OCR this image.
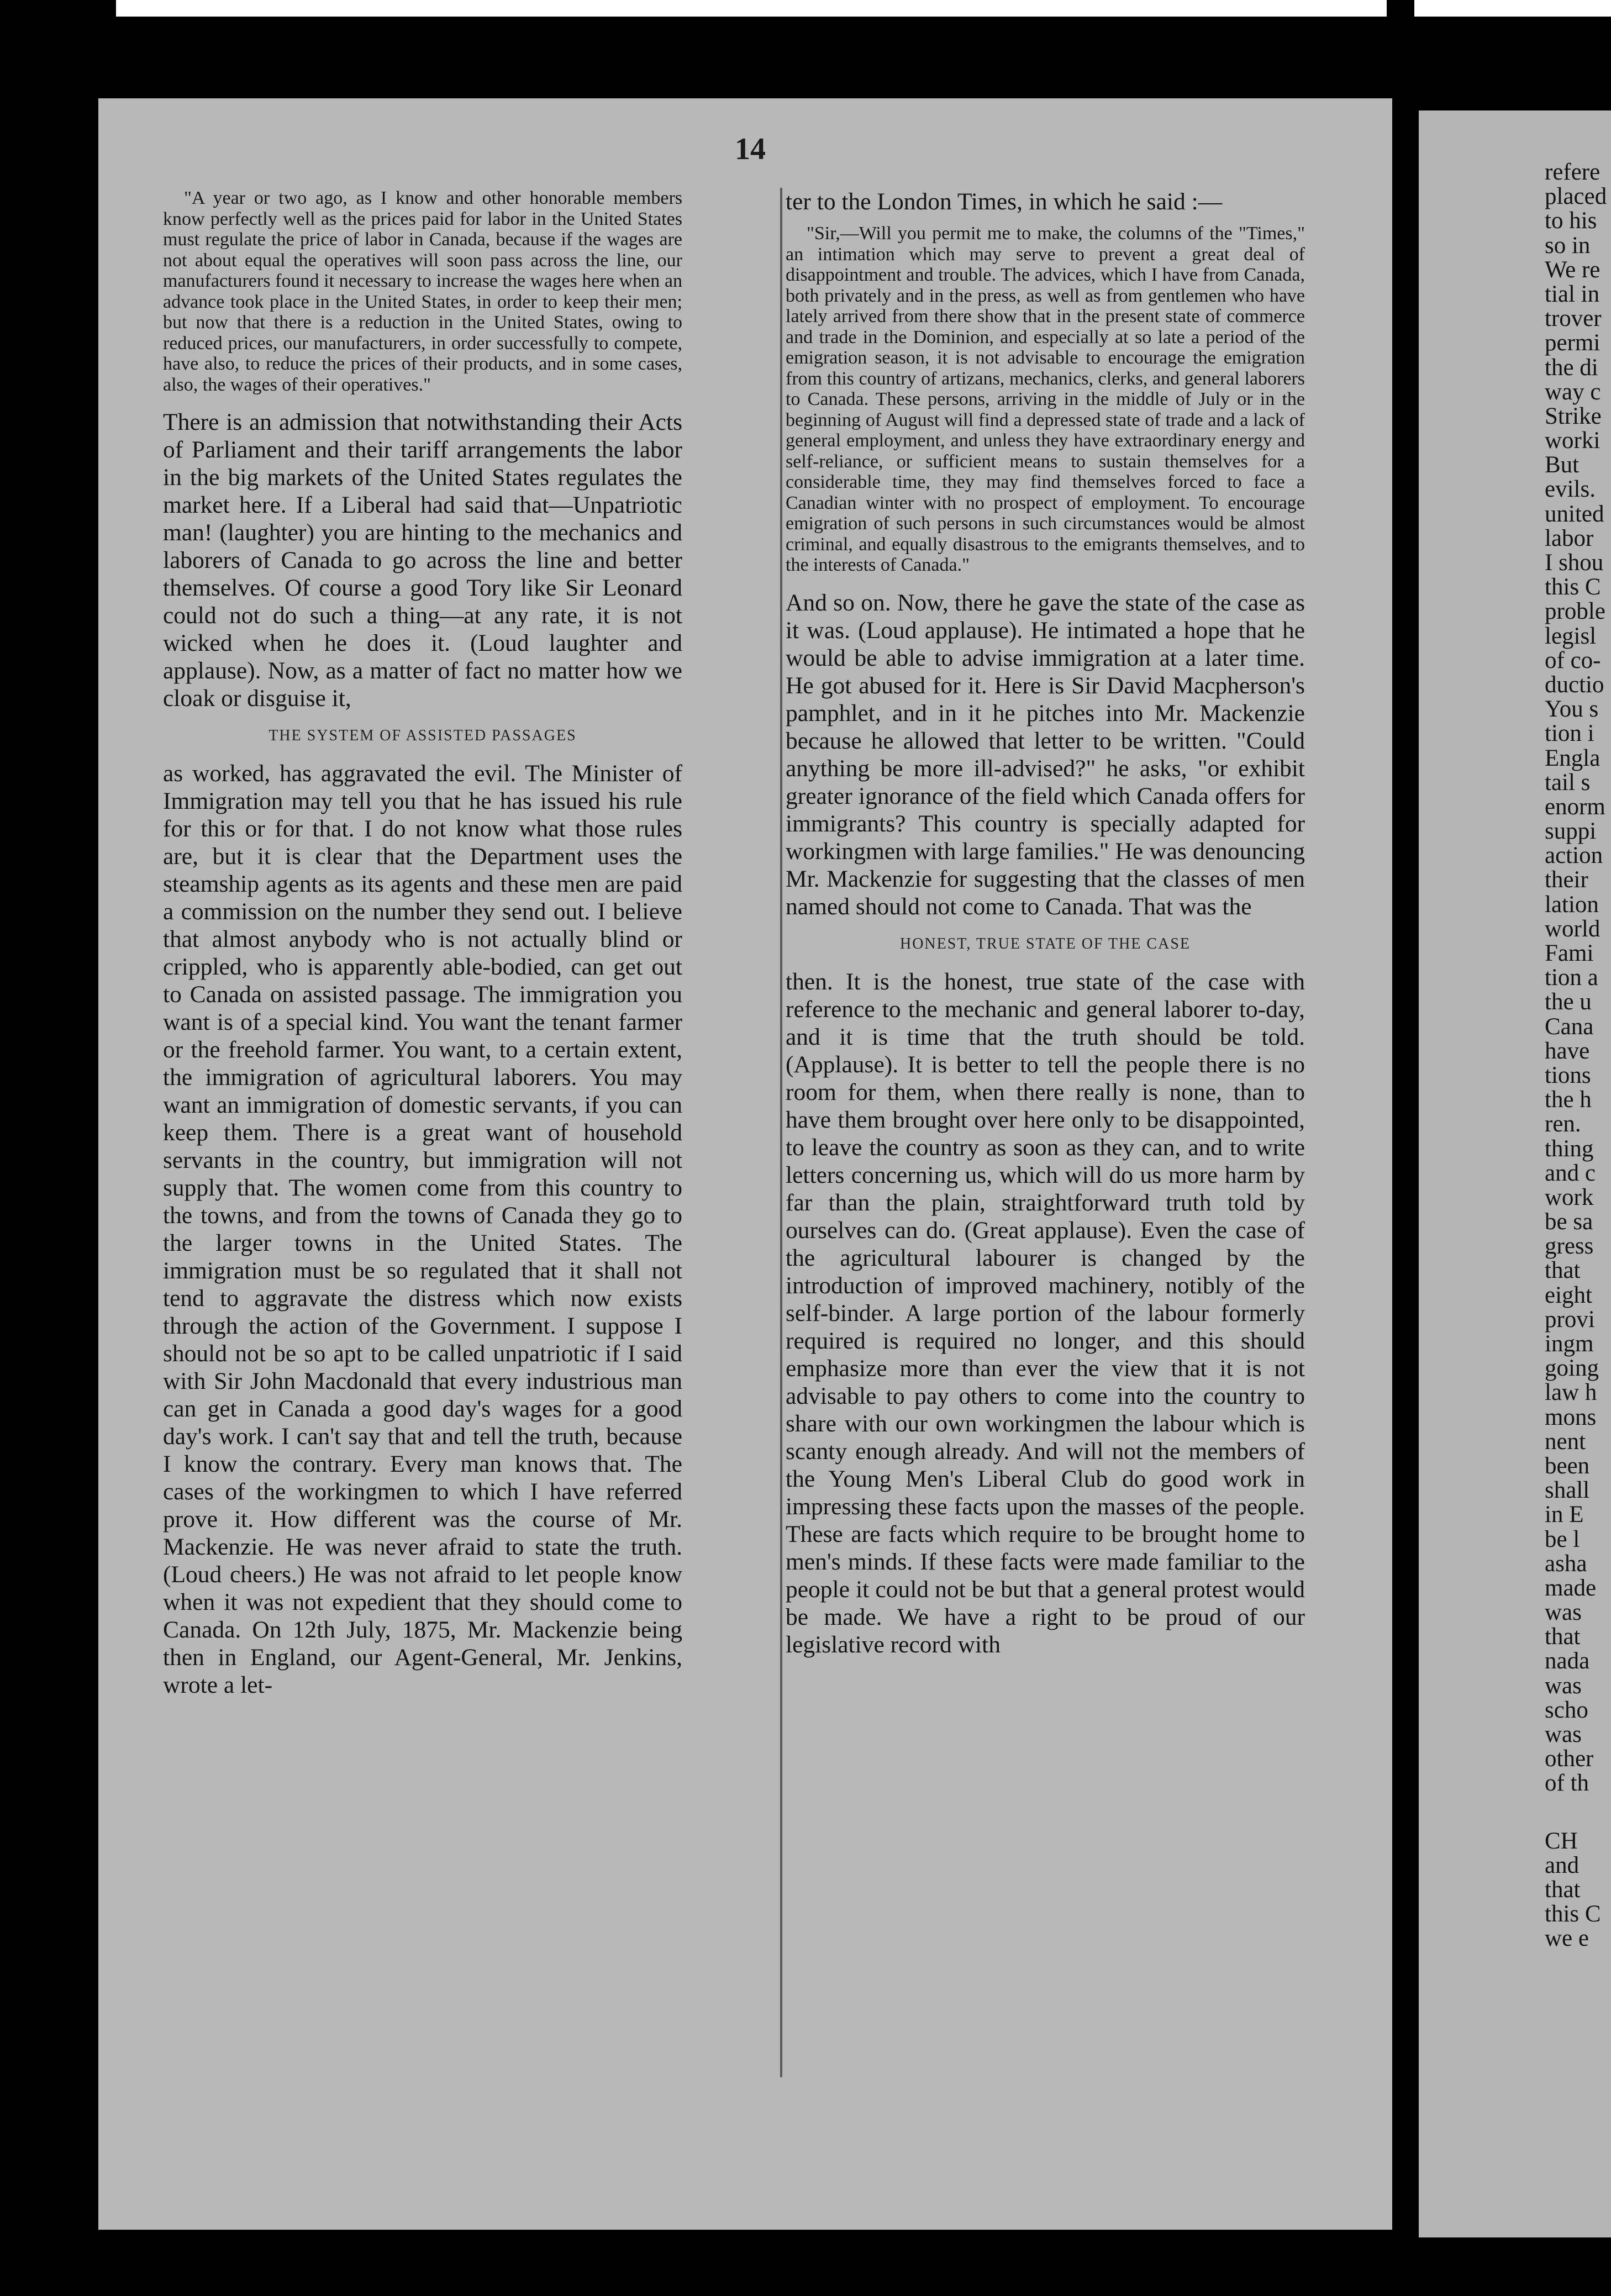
14

"A year or two ago, as I know and other honorable members know perfectly well as the prices paid for labor in the United States must regulate the price of labor in Canada, because if the wages are not about equal the operatives will soon pass across the line, our manufacturers found it necessary to increase the wages here when an advance took place in the United States, in order to keep their men; but now that there is a reduction in the United States, owing to reduced prices, our manufacturers, in order successfully to compete, have also, to reduce the prices of their products, and in some cases, also, the wages of their operatives."

There is an admission that notwithstanding their Acts of Parliament and their tariff arrangements the labor in the big markets of the United States regulates the market here. If a Liberal had said that—Unpatriotic man! (laughter) you are hinting to the mechanics and laborers of Canada to go across the line and better themselves. Of course a good Tory like Sir Leonard could not do such a thing—at any rate, it is not wicked when he does it. (Loud laughter and applause). Now, as a matter of fact no matter how we cloak or disguise it,

THE SYSTEM OF ASSISTED PASSAGES

as worked, has aggravated the evil. The Minister of Immigration may tell you that he has issued his rule for this or for that. I do not know what those rules are, but it is clear that the Department uses the steamship agents as its agents and these men are paid a commission on the number they send out. I believe that almost anybody who is not actually blind or crippled, who is apparently able-bodied, can get out to Canada on assisted passage. The immigration you want is of a special kind. You want the tenant farmer or the freehold farmer. You want, to a certain extent, the immigration of agricultural laborers. You may want an immigration of domestic servants, if you can keep them. There is a great want of household servants in the country, but immigration will not supply that. The women come from this country to the towns, and from the towns of Canada they go to the larger towns in the United States. The immigration must be so regulated that it shall not tend to aggravate the distress which now exists through the action of the Government. I suppose I should not be so apt to be called unpatriotic if I said with Sir John Macdonald that every industrious man can get in Canada a good day's wages for a good day's work. I can't say that and tell the truth, because I know the contrary. Every man knows that. The cases of the workingmen to which I have referred prove it. How different was the course of Mr. Mackenzie. He was never afraid to state the truth. (Loud cheers.) He was not afraid to let people know when it was not expedient that they should come to Canada. On 12th July, 1875, Mr. Mackenzie being then in England, our Agent-General, Mr. Jenkins, wrote a let-

ter to the London Times, in which he said :—

"Sir,—Will you permit me to make, the columns of the "Times," an intimation which may serve to prevent a great deal of disappointment and trouble. The advices, which I have from Canada, both privately and in the press, as well as from gentlemen who have lately arrived from there show that in the present state of commerce and trade in the Dominion, and especially at so late a period of the emigration season, it is not advisable to encourage the emigration from this country of artizans, mechanics, clerks, and general laborers to Canada. These persons, arriving in the middle of July or in the beginning of August will find a depressed state of trade and a lack of general employment, and unless they have extraordinary energy and self-reliance, or sufficient means to sustain themselves for a considerable time, they may find themselves forced to face a Canadian winter with no prospect of employment. To encourage emigration of such persons in such circumstances would be almost criminal, and equally disastrous to the emigrants themselves, and to the interests of Canada."

And so on. Now, there he gave the state of the case as it was. (Loud applause). He intimated a hope that he would be able to advise immigration at a later time. He got abused for it. Here is Sir David Macpherson's pamphlet, and in it he pitches into Mr. Mackenzie because he allowed that letter to be written. "Could anything be more ill-advised?" he asks, "or exhibit greater ignorance of the field which Canada offers for immigrants? This country is specially adapted for workingmen with large families." He was denouncing Mr. Mackenzie for suggesting that the classes of men named should not come to Canada. That was the

HONEST, TRUE STATE OF THE CASE

then. It is the honest, true state of the case with reference to the mechanic and general laborer to-day, and it is time that the truth should be told. (Applause). It is better to tell the people there is no room for them, when there really is none, than to have them brought over here only to be disappointed, to leave the country as soon as they can, and to write letters concerning us, which will do us more harm by far than the plain, straightforward truth told by ourselves can do. (Great applause). Even the case of the agricultural labourer is changed by the introduction of improved machinery, notibly of the self-binder. A large portion of the labour formerly required is required no longer, and this should emphasize more than ever the view that it is not advisable to pay others to come into the country to share with our own workingmen the labour which is scanty enough already. And will not the members of the Young Men's Liberal Club do good work in impressing these facts upon the masses of the people. These are facts which require to be brought home to men's minds. If these facts were made familiar to the people it could not be but that a general protest would be made. We have a right to be proud of our legislative record with

refere
placed
to his
so in
We re
tial in
trover
permi
the di
way c
Strike
worki
But
evils.
united
labor
I shou
this C
proble
legisl
of co-
ductio
You s
tion i
Engla
tail s
enorm
suppi
action
their
lation
world
Fami
tion a
the u
Cana
have
tions
the h
ren.
thing
and c
work
be sa
gress
that
eight
provi
ingm
going
law h
mons
nent
been
shall
in E
be l
asha
made
was
that
nada
was
scho
was
other
of th
CH
and
that
this C
we e
